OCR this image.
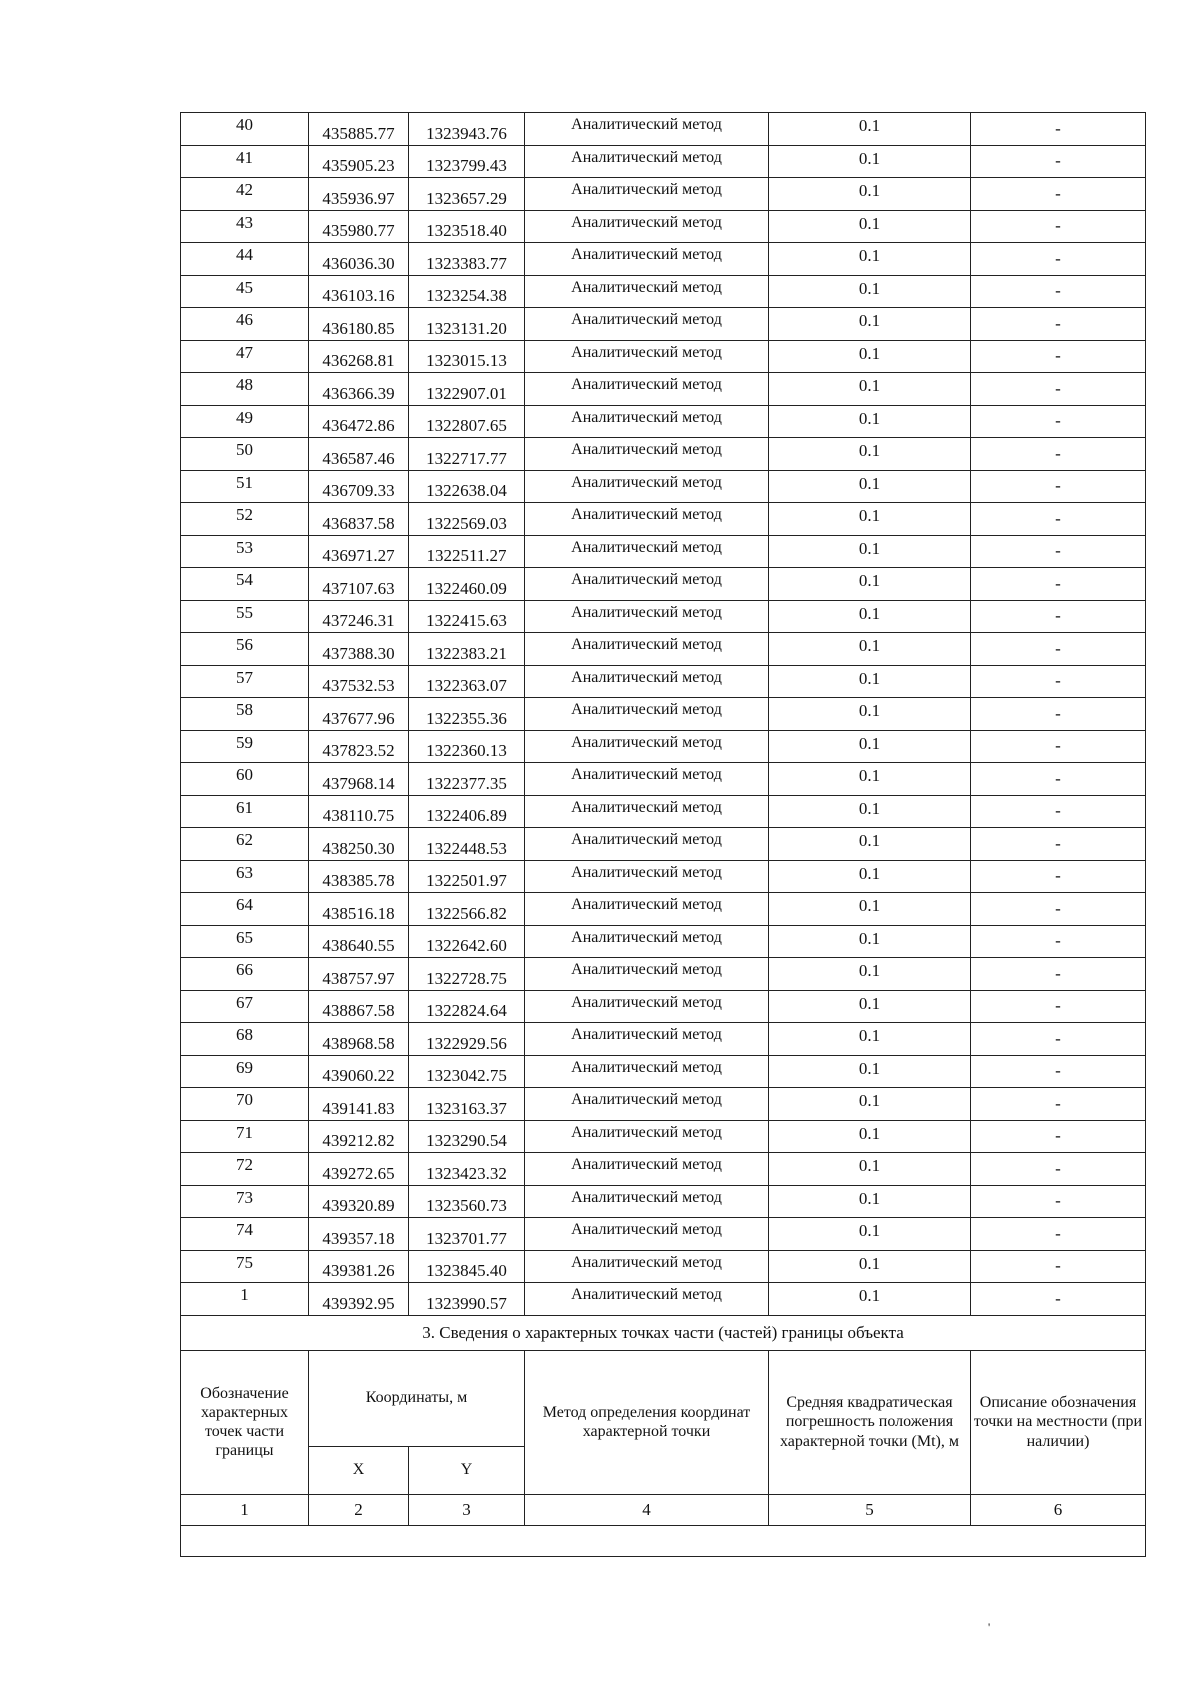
40	435885.77	1323943.76	Аналитический метод	0.1	-
41	435905.23	1323799.43	Аналитический метод	0.1	-
42	435936.97	1323657.29	Аналитический метод	0.1	-
43	435980.77	1323518.40	Аналитический метод	0.1	-
44	436036.30	1323383.77	Аналитический метод	0.1	-
45	436103.16	1323254.38	Аналитический метод	0.1	-
46	436180.85	1323131.20	Аналитический метод	0.1	-
47	436268.81	1323015.13	Аналитический метод	0.1	-
48	436366.39	1322907.01	Аналитический метод	0.1	-
49	436472.86	1322807.65	Аналитический метод	0.1	-
50	436587.46	1322717.77	Аналитический метод	0.1	-
51	436709.33	1322638.04	Аналитический метод	0.1	-
52	436837.58	1322569.03	Аналитический метод	0.1	-
53	436971.27	1322511.27	Аналитический метод	0.1	-
54	437107.63	1322460.09	Аналитический метод	0.1	-
55	437246.31	1322415.63	Аналитический метод	0.1	-
56	437388.30	1322383.21	Аналитический метод	0.1	-
57	437532.53	1322363.07	Аналитический метод	0.1	-
58	437677.96	1322355.36	Аналитический метод	0.1	-
59	437823.52	1322360.13	Аналитический метод	0.1	-
60	437968.14	1322377.35	Аналитический метод	0.1	-
61	438110.75	1322406.89	Аналитический метод	0.1	-
62	438250.30	1322448.53	Аналитический метод	0.1	-
63	438385.78	1322501.97	Аналитический метод	0.1	-
64	438516.18	1322566.82	Аналитический метод	0.1	-
65	438640.55	1322642.60	Аналитический метод	0.1	-
66	438757.97	1322728.75	Аналитический метод	0.1	-
67	438867.58	1322824.64	Аналитический метод	0.1	-
68	438968.58	1322929.56	Аналитический метод	0.1	-
69	439060.22	1323042.75	Аналитический метод	0.1	-
70	439141.83	1323163.37	Аналитический метод	0.1	-
71	439212.82	1323290.54	Аналитический метод	0.1	-
72	439272.65	1323423.32	Аналитический метод	0.1	-
73	439320.89	1323560.73	Аналитический метод	0.1	-
74	439357.18	1323701.77	Аналитический метод	0.1	-
75	439381.26	1323845.40	Аналитический метод	0.1	-
1	439392.95	1323990.57	Аналитический метод	0.1	-
3. Сведения о характерных точках части (частей) границы объекта					
Обозначение характерных точек части границы	Координаты, м		Метод определения координат характерной точки	Средняя квадратическая погрешность положения характерной точки (Mt), м	Описание обозначения точки на местности (при наличии)
	X	Y			
1	2	3	4	5	6

'
